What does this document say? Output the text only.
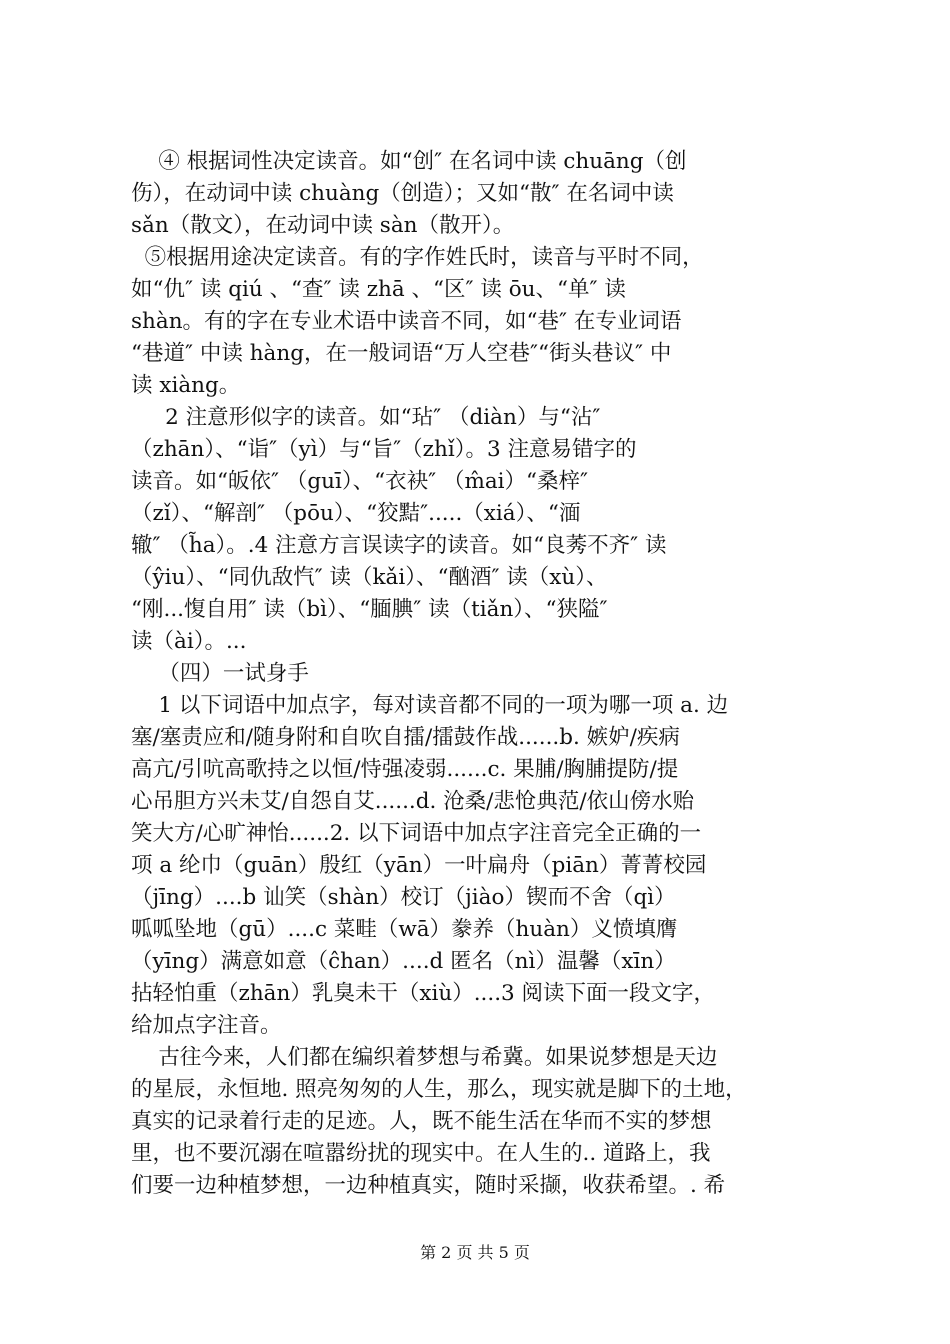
④ 根据词性决定读音。如“创″ 在名词中读 chuāng（创
伤），在动词中读 chuàng（创造）；又如“散″ 在名词中读
sǎn（散文），在动词中读 sàn（散开）。
⑤根据用途决定读音。有的字作姓氏时，读音与平时不同，
如“仇″ 读 qiú 、“查″ 读 zhā 、“区″ 读 ōu、“单″ 读
shàn。有的字在专业术语中读音不同，如“巷″ 在专业词语
“巷道″ 中读 hàng，在一般词语“万人空巷″“街头巷议″ 中
读 xiàng。
2 注意形似字的读音。如“玷″ （diàn）与“沾″
（zhān）、“诣″（yì）与“旨″（zhǐ）。3 注意易错字的
读音。如“皈依″ （guī）、“衣袂″ （m̂ai）“桑梓″
（zǐ）、“解剖″ （pōu）、“狡黠″.....（xiá）、“湎
辙″ （h̃a）。.4 注意方言误读字的读音。如“良莠不齐″ 读
（ŷiu）、“同仇敌忾″ 读（kǎi）、“酗酒″ 读（xù）、
“刚...愎自用″ 读（bì）、“腼腆″ 读（tiǎn）、“狭隘″
读（ài）。...
（四）一试身手
1 以下词语中加点字，每对读音都不同的一项为哪一项 a. 边
塞/塞责应和/随身附和自吹自擂/擂鼓作战......b. 嫉妒/疾病
高亢/引吭高歌持之以恒/恃强凌弱......c. 果脯/胸脯提防/提
心吊胆方兴未艾/自怨自艾......d. 沧桑/悲怆典范/依山傍水贻
笑大方/心旷神怡......2. 以下词语中加点字注音完全正确的一
项 a 纶巾（guān）殷红（yān）一叶扁舟（piān）菁菁校园
（jīng）....b 讪笑（shàn）校订（jiào）锲而不舍（qì）
呱呱坠地（gū）....c 菜畦（wā）豢养（huàn）义愤填膺
（yīng）满意如意（ĉhan）....d 匿名（nì）温馨（xīn）
拈轻怕重（zhān）乳臭未干（xiù）....3 阅读下面一段文字，
给加点字注音。
古往今来，人们都在编织着梦想与希冀。如果说梦想是天边
的星辰，永恒地. 照亮匆匆的人生，那么，现实就是脚下的土地，
真实的记录着行走的足迹。人，既不能生活在华而不实的梦想
里，也不要沉溺在喧嚣纷扰的现实中。在人生的.. 道路上，我
们要一边种植梦想，一边种植真实，随时采撷，收获希望。. 希
第 2 页 共 5 页
